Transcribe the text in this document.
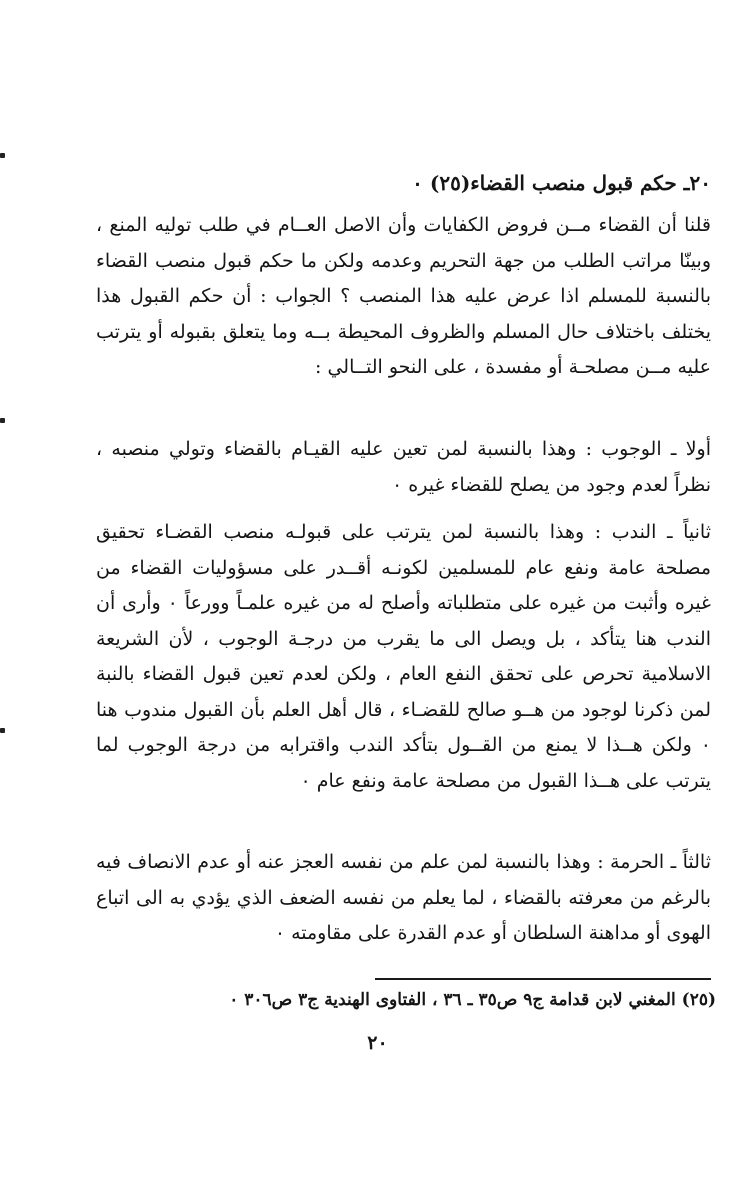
٢٠ـ حكم قبول منصب القضاء(٢٥) ٠

قلنا أن القضاء مــن فروض الكفايات وأن الاصل العــام في طلب توليه المنع ، وبينّا مراتب الطلب من جهة التحريم وعدمه ولكن ما حكم قبول منصب القضاء بالنسبة للمسلم اذا عرض عليه هذا المنصب ؟ الجواب : أن حكم القبول هذا يختلف باختلاف حال المسلم والظروف المحيطة بــه وما يتعلق بقبوله أو يترتب عليه مــن مصلحـة أو مفسدة ، على النحو التــالي :

أولا ـ الوجوب : وهذا بالنسبة لمن تعين عليه القيـام بالقضاء وتولي منصبه ، نظراً لعدم وجود من يصلح للقضاء غيره ٠

ثانياً ـ الندب : وهذا بالنسبة لمن يترتب على قبولـه منصب القضـاء تحقيق مصلحة عامة ونفع عام للمسلمين لكونـه أقــدر على مسؤوليات القضاء من غيره وأثبت من غيره على متطلباته وأصلح له من غيره علمـاً وورعاً ٠ وأرى أن الندب هنا يتأكد ، بل ويصل الى ما يقرب من درجـة الوجوب ، لأن الشريعة الاسلامية تحرص على تحقق النفع العام ، ولكن لعدم تعين قبول القضاء بالنبة لمن ذكرنا لوجود من هــو صالح للقضـاء ، قال أهل العلم بأن القبول مندوب هنا ٠ ولكن هــذا لا يمنع من القــول بتأكد الندب واقترابه من درجة الوجوب لما يترتب على هــذا القبول من مصلحة عامة ونفع عام ٠

ثالثاً ـ الحرمة : وهذا بالنسبة لمن علم من نفسه العجز عنه أو عدم الانصاف فيه بالرغم من معرفته بالقضاء ، لما يعلم من نفسه الضعف الذي يؤدي به الى اتباع الهوى أو مداهنة السلطان أو عدم القدرة على مقاومته ٠

(٢٥) المغني لابن قدامة ج٩ ص٣٥ ـ ٣٦ ، الفتاوى الهندية ج٣ ص٣٠٦ ٠
٢٠
